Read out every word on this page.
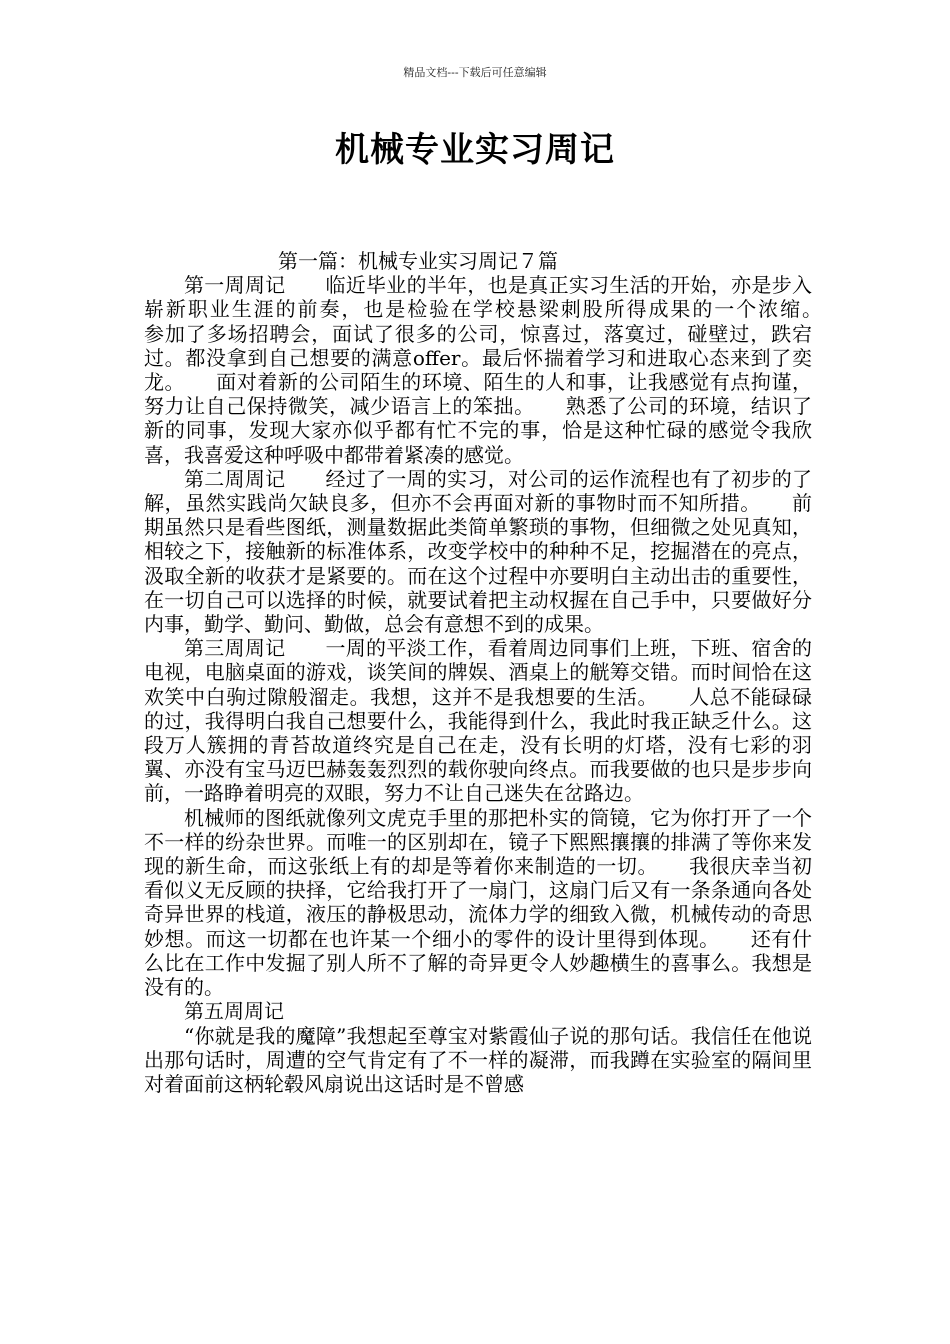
精品文档---下载后可任意编辑
机械专业实习周记
第一篇：机械专业实习周记７篇

第一周周记 临近毕业的半年，也是真正实习生活的开始，亦是步入崭新职业生涯的前奏，也是检验在学校悬梁刺股所得成果的一个浓缩。　　参加了多场招聘会，面试了很多的公司，惊喜过，落寞过，碰壁过，跌宕过。都没拿到自己想要的满意offer。最后怀揣着学习和进取心态来到了奕龙。　　面对着新的公司陌生的环境、陌生的人和事，让我感觉有点拘谨，努力让自己保持微笑，减少语言上的笨拙。　　熟悉了公司的环境，结识了新的同事，发现大家亦似乎都有忙不完的事，恰是这种忙碌的感觉令我欣喜，我喜爱这种呼吸中都带着紧凑的感觉。

第二周周记 经过了一周的实习，对公司的运作流程也有了初步的了解，虽然实践尚欠缺良多，但亦不会再面对新的事物时而不知所措。　　前期虽然只是看些图纸，测量数据此类简单繁琐的事物，但细微之处见真知，相较之下，接触新的标准体系，改变学校中的种种不足，挖掘潜在的亮点，汲取全新的收获才是紧要的。而在这个过程中亦要明白主动出击的重要性，在一切自己可以选择的时候，就要试着把主动权握在自己手中，只要做好分内事，勤学、勤问、勤做，总会有意想不到的成果。

第三周周记 一周的平淡工作，看着周边同事们上班，下班、宿舍的电视，电脑桌面的游戏，谈笑间的牌娱、酒桌上的觥筹交错。而时间恰在这欢笑中白驹过隙般溜走。我想，这并不是我想要的生活。　　人总不能碌碌的过，我得明白我自己想要什么，我能得到什么，我此时我正缺乏什么。这段万人簇拥的青苔故道终究是自己在走，没有长明的灯塔，没有七彩的羽翼、亦没有宝马迈巴赫轰轰烈烈的载你驶向终点。而我要做的也只是步步向前，一路睁着明亮的双眼，努力不让自己迷失在岔路边。

机械师的图纸就像列文虎克手里的那把朴实的筒镜，它为你打开了一个不一样的纷杂世界。而唯一的区别却在，镜子下熙熙攘攘的排满了等你来发现的新生命，而这张纸上有的却是等着你来制造的一切。　　我很庆幸当初看似义无反顾的抉择，它给我打开了一扇门，这扇门后又有一条条通向各处奇异世界的栈道，液压的静极思动，流体力学的细致入微，机械传动的奇思妙想。而这一切都在也许某一个细小的零件的设计里得到体现。　　还有什么比在工作中发掘了别人所不了解的奇异更令人妙趣横生的喜事么。我想是没有的。

第五周周记

“你就是我的魔障”我想起至尊宝对紫霞仙子说的那句话。我信任在他说出那句话时，周遭的空气肯定有了不一样的凝滞，而我蹲在实验室的隔间里对着面前这柄轮毂风扇说出这话时是不曾感
